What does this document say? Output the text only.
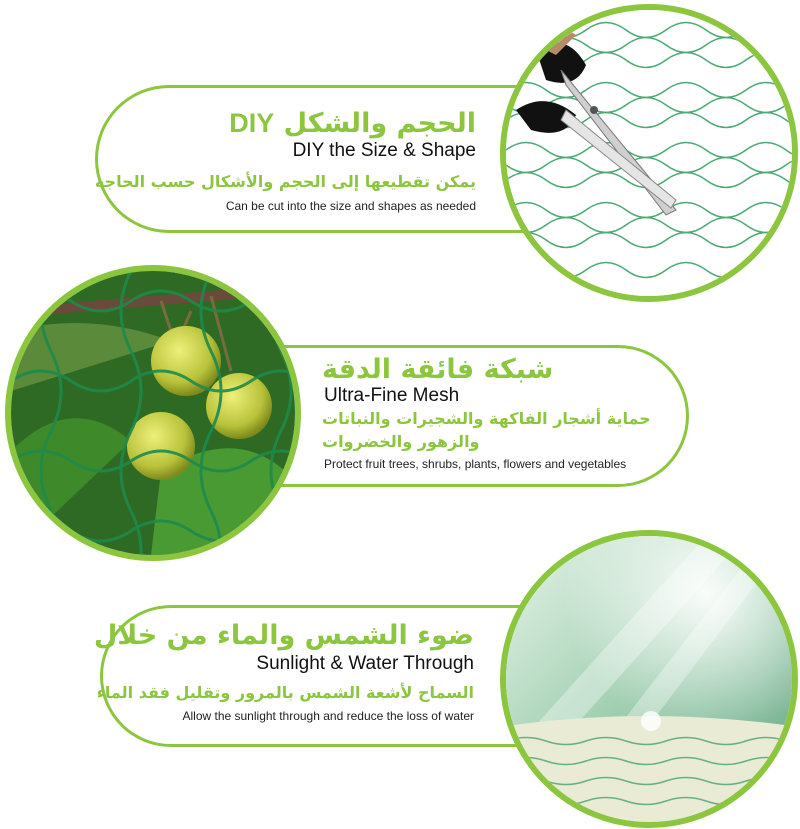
الحجم والشكل DIY
DIY the Size & Shape
يمكن تقطيعها إلى الحجم والأشكال حسب الحاجة
Can be cut into the size and shapes as needed
شبكة فائقة الدقة
Ultra-Fine Mesh
حماية أشجار الفاكهة والشجيرات والنباتات
والزهور والخضروات
Protect fruit trees, shrubs, plants, flowers and vegetables
ضوء الشمس والماء من خلال
Sunlight & Water Through
السماح لأشعة الشمس بالمرور وتقليل فقد الماء
Allow the sunlight through and reduce the loss of water
